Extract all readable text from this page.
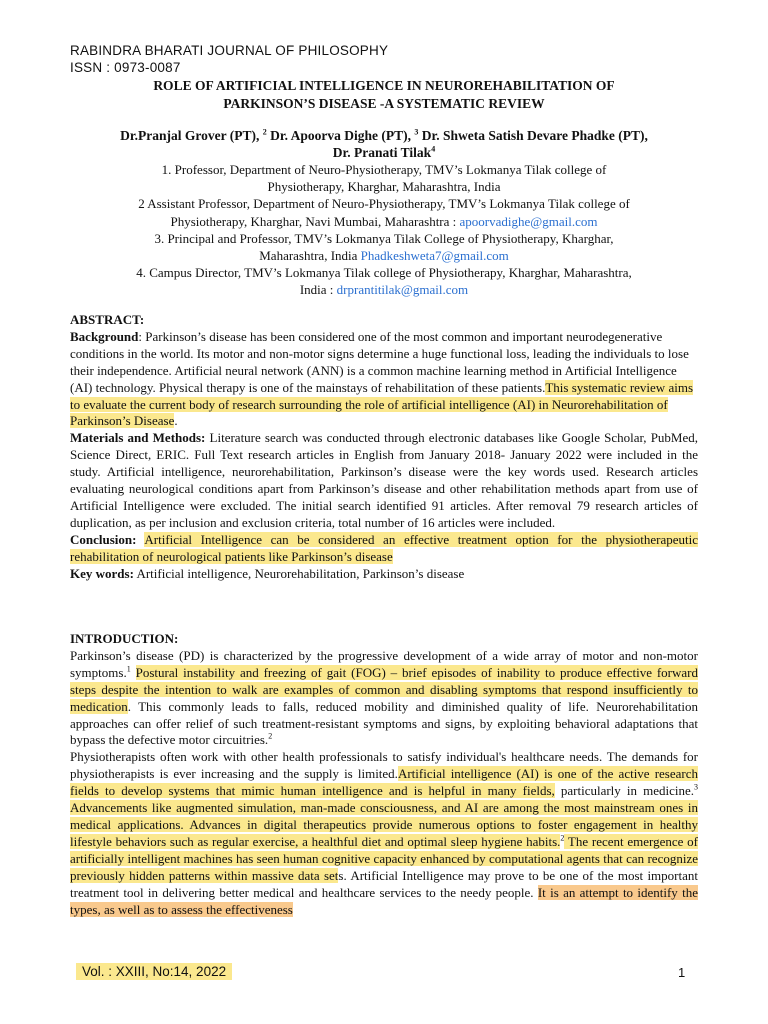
RABINDRA BHARATI JOURNAL OF PHILOSOPHY
ISSN : 0973-0087
ROLE OF ARTIFICIAL INTELLIGENCE IN NEUROREHABILITATION OF
PARKINSON’S DISEASE -A SYSTEMATIC REVIEW
Dr.Pranjal Grover (PT), $^2$ Dr. Apoorva Dighe (PT), $^3$ Dr. Shweta Satish Devare Phadke (PT),
Dr. Pranati Tilak$^4$
1. Professor, Department of Neuro-Physiotherapy, TMV’s Lokmanya Tilak college of
Physiotherapy, Kharghar, Maharashtra, India
2 Assistant Professor, Department of Neuro-Physiotherapy, TMV’s Lokmanya Tilak college of
Physiotherapy, Kharghar, Navi Mumbai, Maharashtra : apoorvadighe@gmail.com
3. Principal and Professor, TMV’s Lokmanya Tilak College of Physiotherapy, Kharghar,
Maharashtra, India Phadkeshweta7@gmail.com
4. Campus Director, TMV’s Lokmanya Tilak college of Physiotherapy, Kharghar, Maharashtra,
India : drprantitilak@gmail.com
ABSTRACT:
Background: Parkinson’s disease has been considered one of the most common and important neurodegenerative conditions in the world. Its motor and non-motor signs determine a huge functional loss, leading the individuals to lose their independence. Artificial neural network (ANN) is a common machine learning method in Artificial Intelligence (AI) technology. Physical therapy is one of the mainstays of rehabilitation of these patients.This systematic review aims to evaluate the current body of research surrounding the role of artificial intelligence (AI) in Neurorehabilitation of Parkinson’s Disease.
Materials and Methods: Literature search was conducted through electronic databases like Google Scholar, PubMed, Science Direct, ERIC. Full Text research articles in English from January 2018- January 2022 were included in the study. Artificial intelligence, neurorehabilitation, Parkinson’s disease were the key words used. Research articles evaluating neurological conditions apart from Parkinson’s disease and other rehabilitation methods apart from use of Artificial Intelligence were excluded. The initial search identified 91 articles. After removal 79 research articles of duplication, as per inclusion and exclusion criteria, total number of 16 articles were included.
Conclusion: Artificial Intelligence can be considered an effective treatment option for the physiotherapeutic rehabilitation of neurological patients like Parkinson’s disease
Key words: Artificial intelligence, Neurorehabilitation, Parkinson’s disease
INTRODUCTION:
Parkinson’s disease (PD) is characterized by the progressive development of a wide array of motor and non-motor symptoms.$^1$ Postural instability and freezing of gait (FOG) – brief episodes of inability to produce effective forward steps despite the intention to walk are examples of common and disabling symptoms that respond insufficiently to medication. This commonly leads to falls, reduced mobility and diminished quality of life. Neurorehabilitation approaches can offer relief of such treatment-resistant symptoms and signs, by exploiting behavioral adaptations that bypass the defective motor circuitries.$^2$
Physiotherapists often work with other health professionals to satisfy individual's healthcare needs. The demands for physiotherapists is ever increasing and the supply is limited.Artificial intelligence (AI) is one of the active research fields to develop systems that mimic human intelligence and is helpful in many fields, particularly in medicine.$^3$ Advancements like augmented simulation, man-made consciousness, and AI are among the most mainstream ones in medical applications. Advances in digital therapeutics provide numerous options to foster engagement in healthy lifestyle behaviors such as regular exercise, a healthful diet and optimal sleep hygiene habits.$^2$ The recent emergence of artificially intelligent machines has seen human cognitive capacity enhanced by computational agents that can recognize previously hidden patterns within massive data sets. Artificial Intelligence may prove to be one of the most important treatment tool in delivering better medical and healthcare services to the needy people. It is an attempt to identify the types, as well as to assess the effectiveness
Vol. : XXIII, No:14, 2022	1
